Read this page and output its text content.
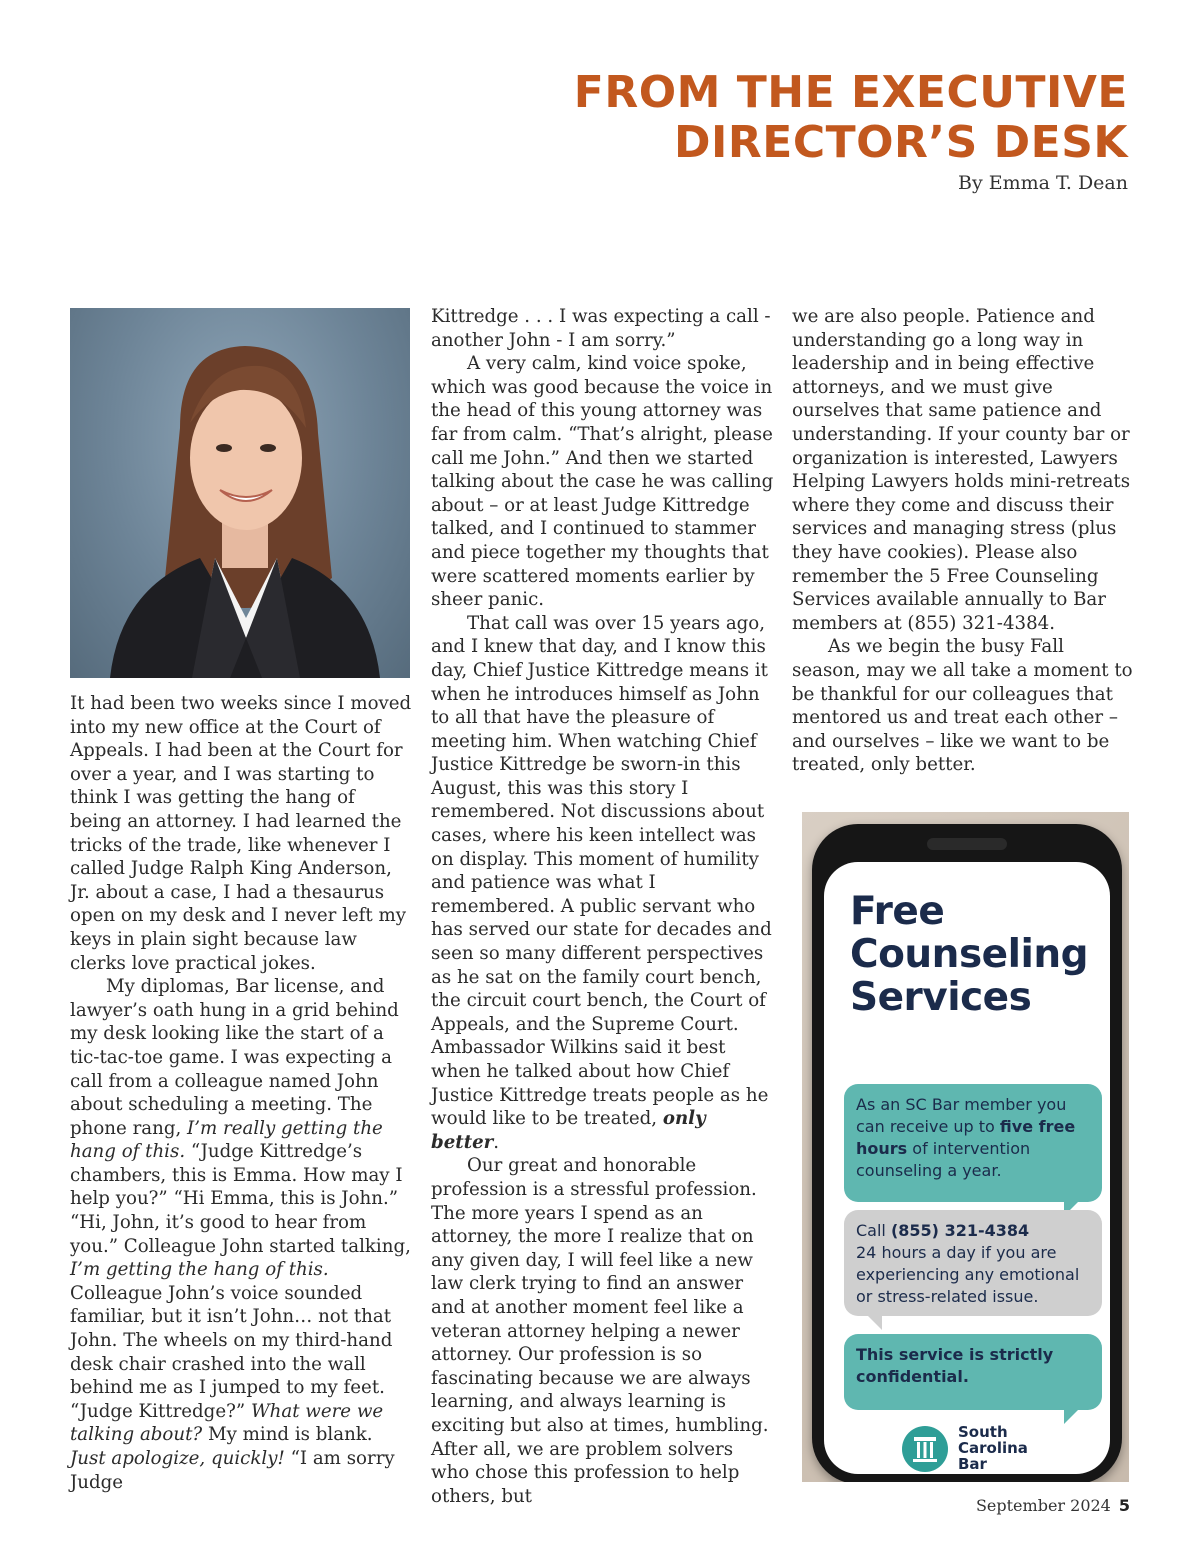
FROM THE EXECUTIVE
DIRECTOR’S DESK
By Emma T. Dean

It had been two weeks since I moved into my new office at the Court of Appeals. I had been at the Court for over a year, and I was starting to think I was getting the hang of being an attorney. I had learned the tricks of the trade, like whenever I called Judge Ralph King Anderson, Jr. about a case, I had a thesaurus open on my desk and I never left my keys in plain sight because law clerks love practical jokes.

My diplomas, Bar license, and lawyer’s oath hung in a grid behind my desk looking like the start of a tic-tac-toe game. I was expecting a call from a colleague named John about scheduling a meeting. The phone rang, I’m really getting the hang of this. “Judge Kittredge’s chambers, this is Emma. How may I help you?” “Hi Emma, this is John.” “Hi, John, it’s good to hear from you.” Colleague John started talking, I’m getting the hang of this. Colleague John’s voice sounded familiar, but it isn’t John… not that John. The wheels on my third-hand desk chair crashed into the wall behind me as I jumped to my feet. “Judge Kittredge?” What were we talking about? My mind is blank. Just apologize, quickly! “I am sorry Judge

Kittredge . . . I was expecting a call - another John - I am sorry.”

A very calm, kind voice spoke, which was good because the voice in the head of this young attorney was far from calm. “That’s alright, please call me John.” And then we started talking about the case he was calling about – or at least Judge Kittredge talked, and I continued to stammer and piece together my thoughts that were scattered moments earlier by sheer panic.

That call was over 15 years ago, and I knew that day, and I know this day, Chief Justice Kittredge means it when he introduces himself as John to all that have the pleasure of meeting him. When watching Chief Justice Kittredge be sworn-in this August, this was this story I remembered. Not discussions about cases, where his keen intellect was on display. This moment of humility and patience was what I remembered. A public servant who has served our state for decades and seen so many different perspectives as he sat on the family court bench, the circuit court bench, the Court of Appeals, and the Supreme Court. Ambassador Wilkins said it best when he talked about how Chief Justice Kittredge treats people as he would like to be treated, only better.

Our great and honorable profession is a stressful profession. The more years I spend as an attorney, the more I realize that on any given day, I will feel like a new law clerk trying to find an answer and at another moment feel like a veteran attorney helping a newer attorney. Our profession is so fascinating because we are always learning, and always learning is exciting but also at times, humbling. After all, we are problem solvers who chose this profession to help others, but

we are also people. Patience and understanding go a long way in leadership and in being effective attorneys, and we must give ourselves that same patience and understanding. If your county bar or organization is interested, Lawyers Helping Lawyers holds mini-retreats where they come and discuss their services and managing stress (plus they have cookies). Please also remember the 5 Free Counseling Services available annually to Bar members at (855) 321-4384.

As we begin the busy Fall season, may we all take a moment to be thankful for our colleagues that mentored us and treat each other – and ourselves – like we want to be treated, only better.

Free
Counseling
Services
As an SC Bar member you can receive up to five free hours of intervention counseling a year.
Call (855) 321-4384
24 hours a day if you are experiencing any emotional or stress-related issue.
This service is strictly confidential.
South
Carolina
Bar
September 2024 5
